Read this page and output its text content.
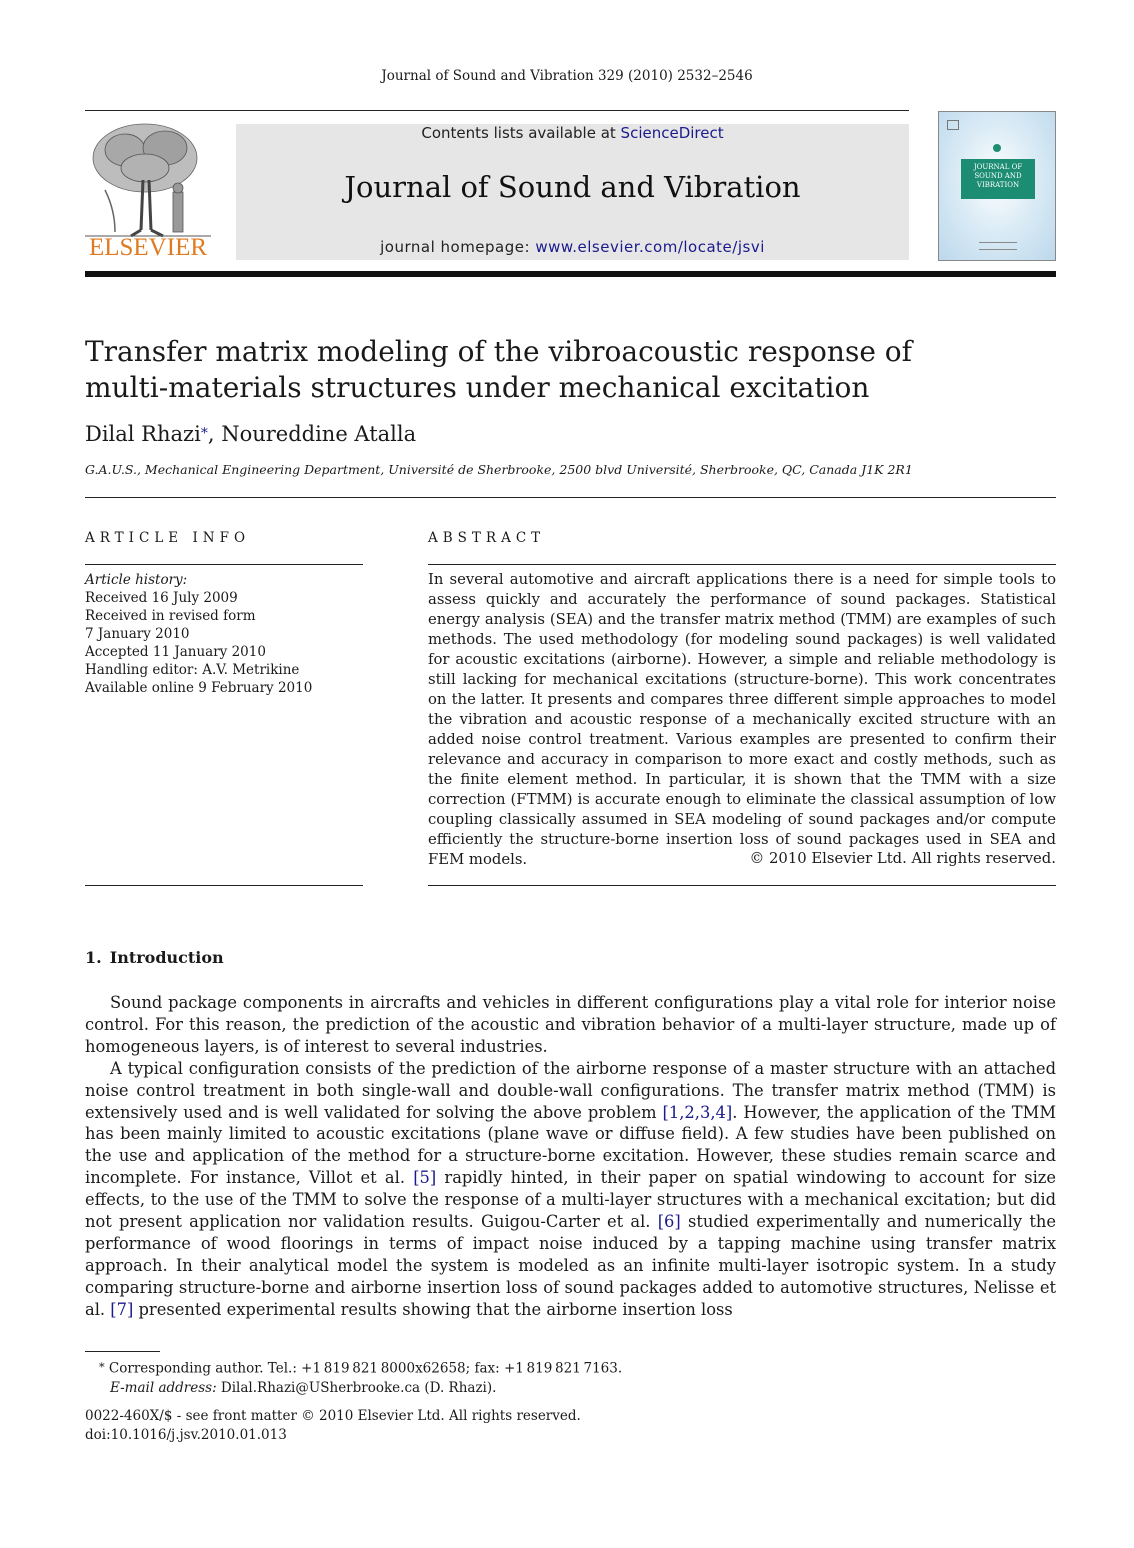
Journal of Sound and Vibration 329 (2010) 2532–2546
ELSEVIER
Contents lists available at ScienceDirect
Journal of Sound and Vibration
journal homepage: www.elsevier.com/locate/jsvi
JOURNAL OF SOUND AND VIBRATION
Transfer matrix modeling of the vibroacoustic response of
multi-materials structures under mechanical excitation
Dilal Rhazi⁎, Noureddine Atalla
G.A.U.S., Mechanical Engineering Department, Université de Sherbrooke, 2500 blvd Université, Sherbrooke, QC, Canada J1K 2R1
ARTICLE INFO	ABSTRACT
Article history:
Received 16 July 2009
Received in revised form
7 January 2010
Accepted 11 January 2010
Handling editor: A.V. Metrikine
Available online 9 February 2010
In several automotive and aircraft applications there is a need for simple tools to assess quickly and accurately the performance of sound packages. Statistical energy analysis (SEA) and the transfer matrix method (TMM) are examples of such methods. The used methodology (for modeling sound packages) is well validated for acoustic excitations (airborne). However, a simple and reliable methodology is still lacking for mechanical excitations (structure-borne). This work concentrates on the latter. It presents and compares three different simple approaches to model the vibration and acoustic response of a mechanically excited structure with an added noise control treatment. Various examples are presented to confirm their relevance and accuracy in comparison to more exact and costly methods, such as the finite element method. In particular, it is shown that the TMM with a size correction (FTMM) is accurate enough to eliminate the classical assumption of low coupling classically assumed in SEA modeling of sound packages and/or compute efficiently the structure-borne insertion loss of sound packages used in SEA and FEM models.	© 2010 Elsevier Ltd. All rights reserved.
1. Introduction

Sound package components in aircrafts and vehicles in different configurations play a vital role for interior noise control. For this reason, the prediction of the acoustic and vibration behavior of a multi-layer structure, made up of homogeneous layers, is of interest to several industries.

A typical configuration consists of the prediction of the airborne response of a master structure with an attached noise control treatment in both single-wall and double-wall configurations. The transfer matrix method (TMM) is extensively used and is well validated for solving the above problem [1,2,3,4]. However, the application of the TMM has been mainly limited to acoustic excitations (plane wave or diffuse field). A few studies have been published on the use and application of the method for a structure-borne excitation. However, these studies remain scarce and incomplete. For instance, Villot et al. [5] rapidly hinted, in their paper on spatial windowing to account for size effects, to the use of the TMM to solve the response of a multi-layer structures with a mechanical excitation; but did not present application nor validation results. Guigou-Carter et al. [6] studied experimentally and numerically the performance of wood floorings in terms of impact noise induced by a tapping machine using transfer matrix approach. In their analytical model the system is modeled as an infinite multi-layer isotropic system. In a study comparing structure-borne and airborne insertion loss of sound packages added to automotive structures, Nelisse et al. [7] presented experimental results showing that the airborne insertion loss

⁎ Corresponding author. Tel.: +1 819 821 8000x62658; fax: +1 819 821 7163.
E-mail address: Dilal.Rhazi@USherbrooke.ca (D. Rhazi).
0022-460X/$ - see front matter © 2010 Elsevier Ltd. All rights reserved.
doi:10.1016/j.jsv.2010.01.013
